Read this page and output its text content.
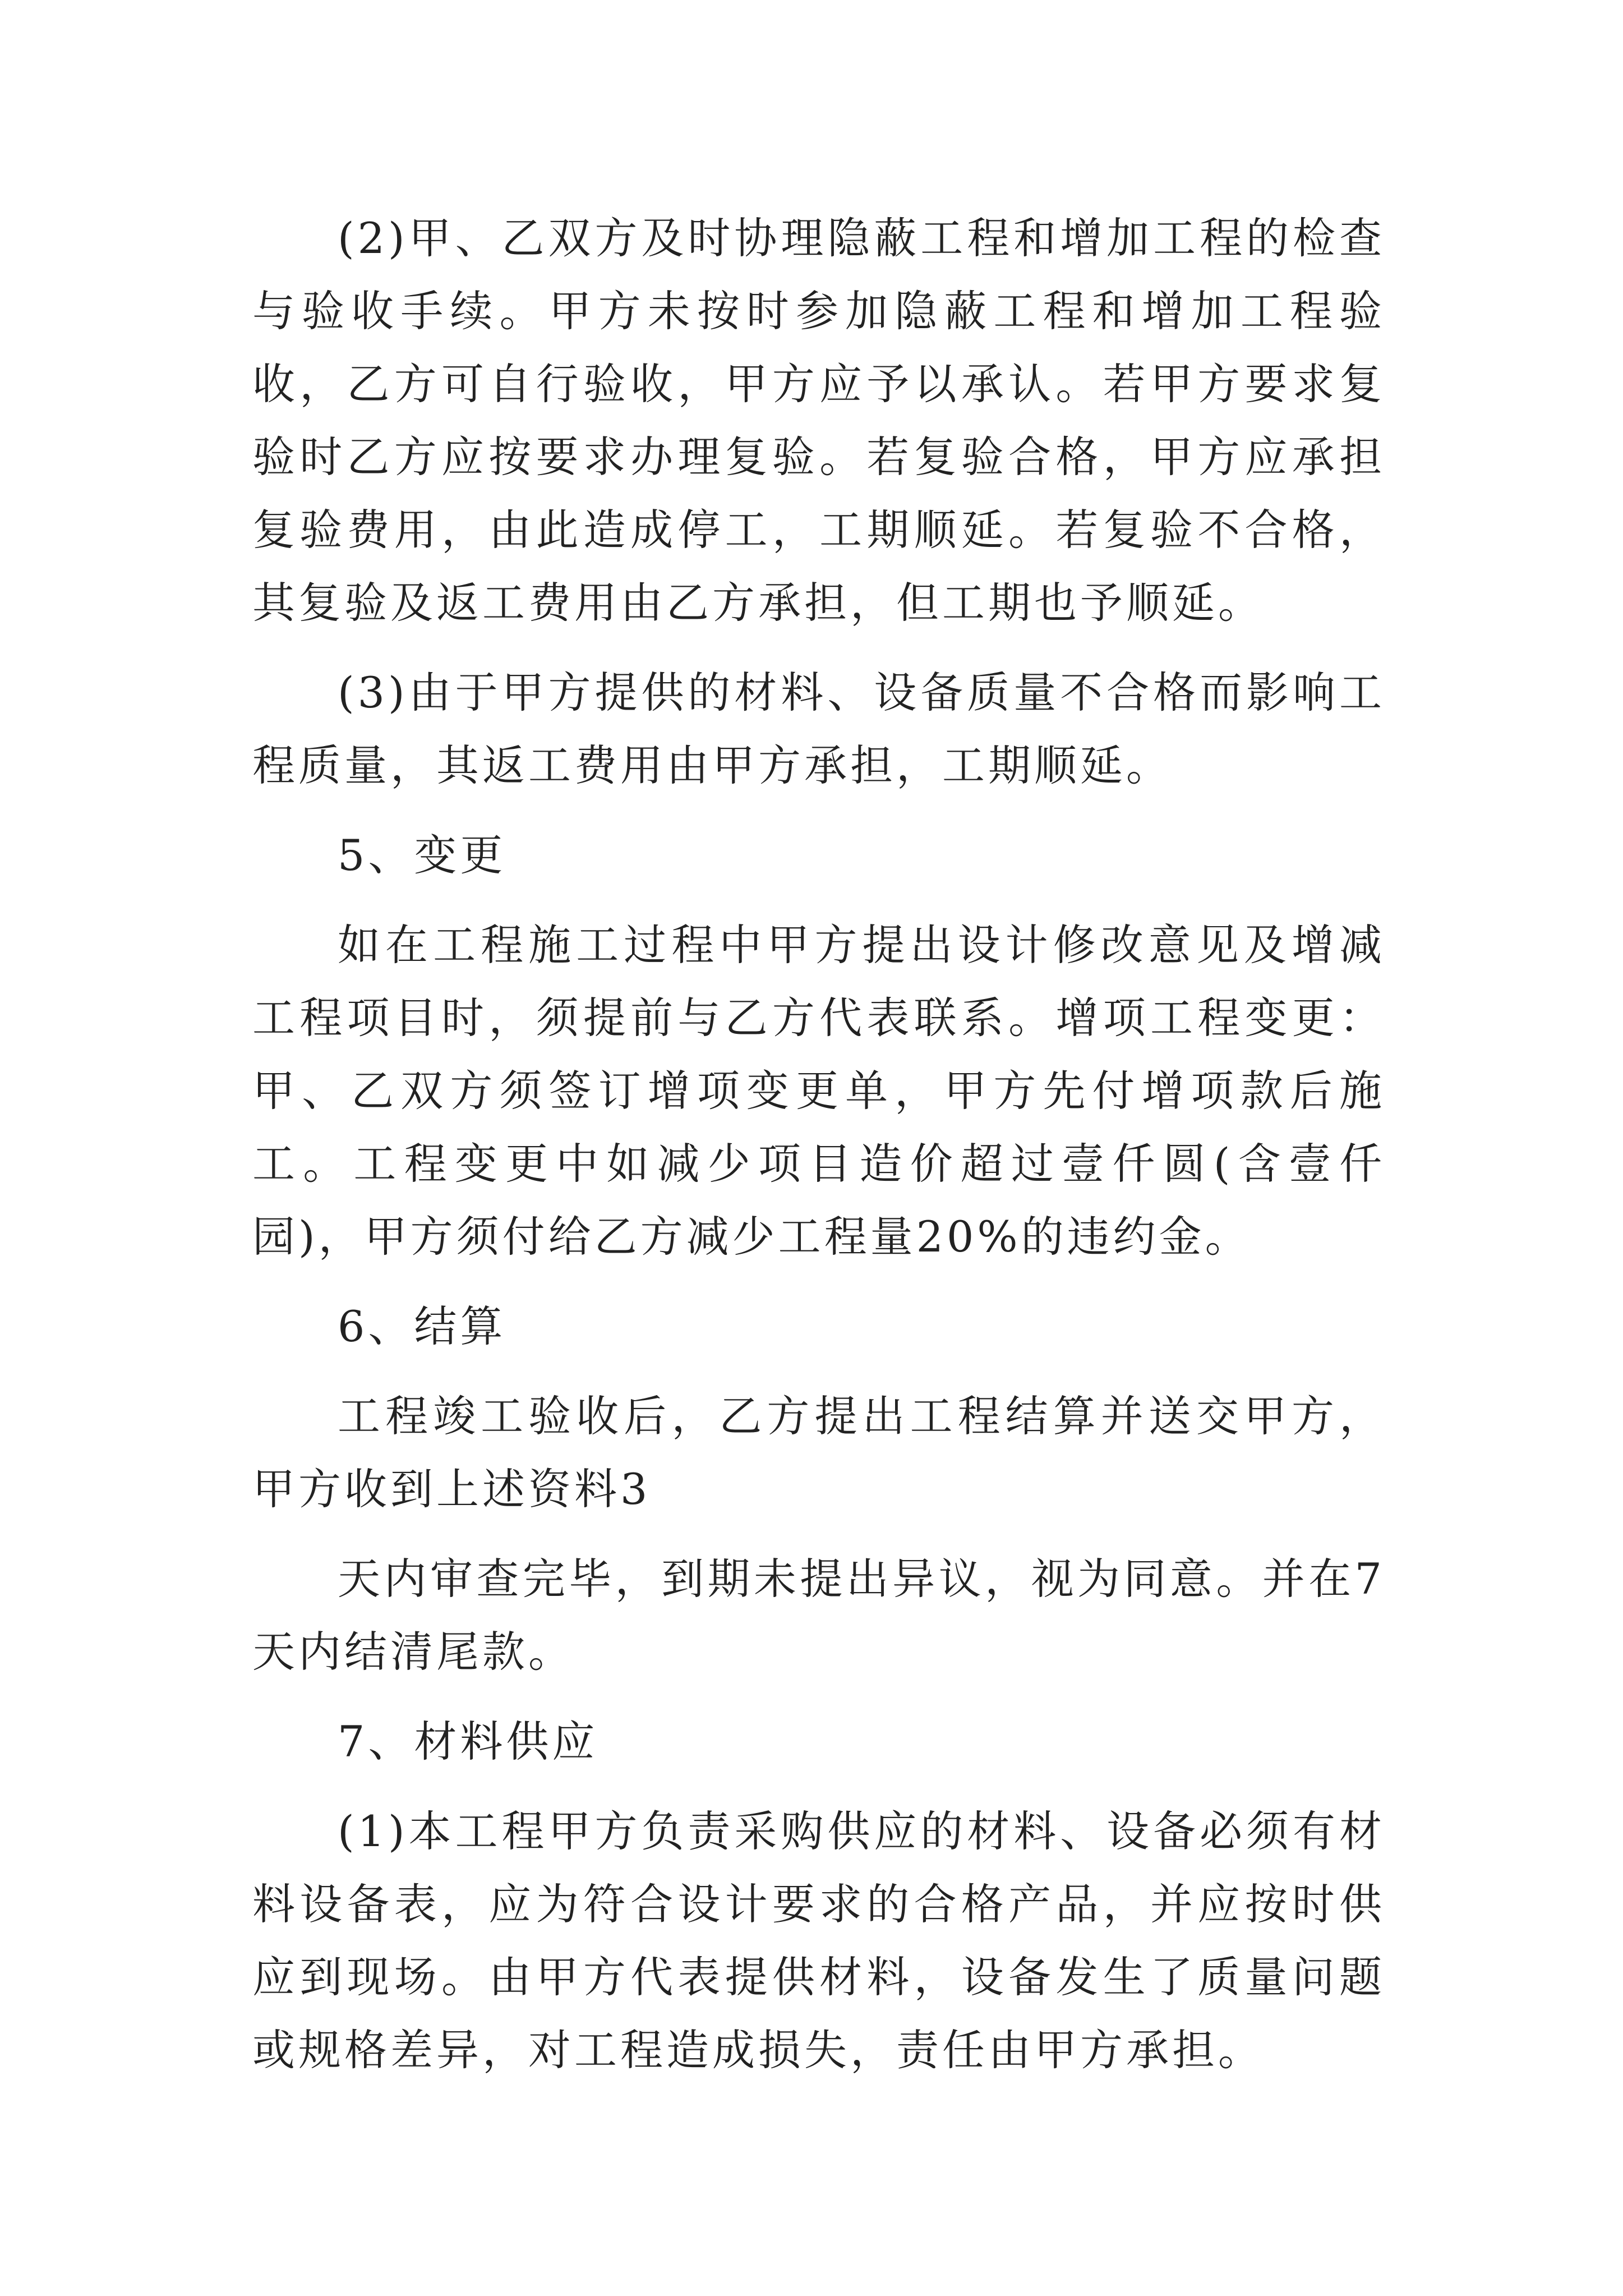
(2)甲、乙双方及时协理隐蔽工程和增加工程的检查与验收手续。甲方未按时参加隐蔽工程和增加工程验收，乙方可自行验收，甲方应予以承认。若甲方要求复验时乙方应按要求办理复验。若复验合格，甲方应承担复验费用，由此造成停工，工期顺延。若复验不合格，其复验及返工费用由乙方承担，但工期也予顺延。

(3)由于甲方提供的材料、设备质量不合格而影响工程质量，其返工费用由甲方承担，工期顺延。

5、变更

如在工程施工过程中甲方提出设计修改意见及增减工程项目时，须提前与乙方代表联系。增项工程变更：甲、乙双方须签订增项变更单，甲方先付增项款后施工。工程变更中如减少项目造价超过壹仟圆(含壹仟园)，甲方须付给乙方减少工程量20%的违约金。

6、结算

工程竣工验收后，乙方提出工程结算并送交甲方，甲方收到上述资料3

天内审查完毕，到期未提出异议，视为同意。并在7天内结清尾款。

7、材料供应

(1)本工程甲方负责采购供应的材料、设备必须有材料设备表，应为符合设计要求的合格产品，并应按时供应到现场。由甲方代表提供材料，设备发生了质量问题或规格差异，对工程造成损失，责任由甲方承担。
